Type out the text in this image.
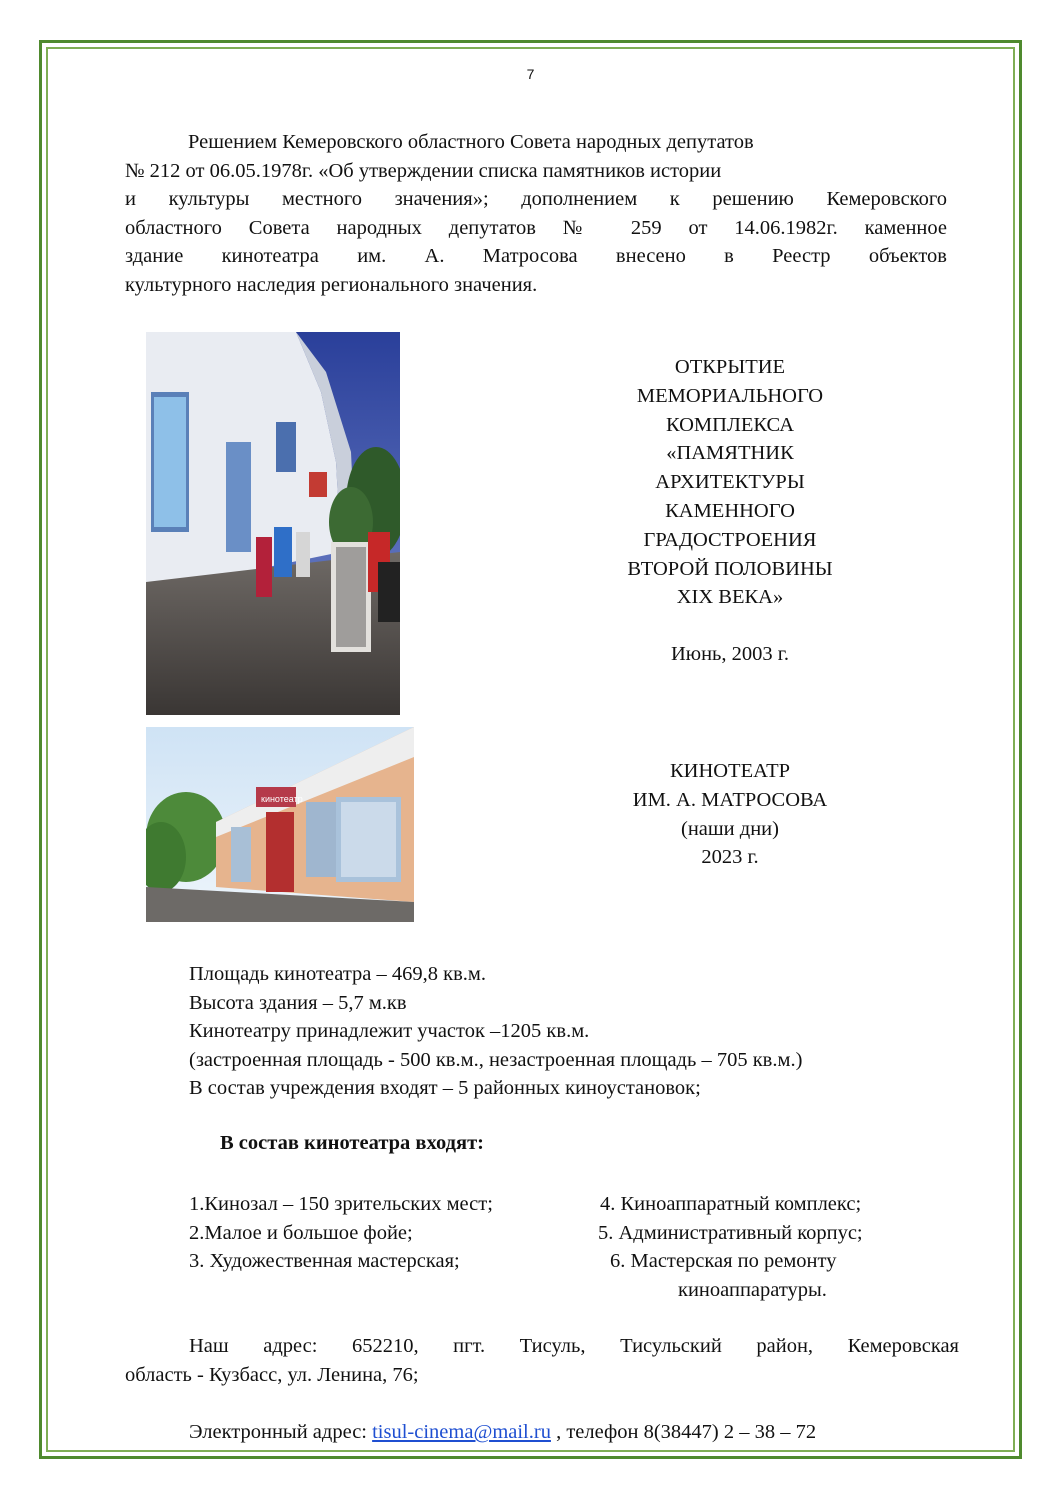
7
Решением Кемеровского областного Совета народных депутатов
№ 212 от 06.05.1978г. «Об утверждении списка памятников истории
и культуры местного значения»; дополнением к решению Кемеровского
областного Совета народных депутатов № 259 от 14.06.1982г. каменное
здание кинотеатра им. А. Матросова внесено в Реестр объектов
культурного наследия регионального значения.
ОТКРЫТИЕ
МЕМОРИАЛЬНОГО
КОМПЛЕКСА
«ПАМЯТНИК
АРХИТЕКТУРЫ
КАМЕННОГО
ГРАДОСТРОЕНИЯ
ВТОРОЙ ПОЛОВИНЫ
XIX ВЕКА»
Июнь, 2003 г.
кинотеатр
КИНОТЕАТР
ИМ. А. МАТРОСОВА
(наши дни)
2023 г.
Площадь кинотеатра – 469,8 кв.м.
Высота здания – 5,7 м.кв
Кинотеатру принадлежит участок –1205 кв.м.
(застроенная площадь - 500 кв.м., незастроенная площадь – 705 кв.м.)
В состав учреждения входят – 5 районных киноустановок;
В состав кинотеатра входят:
1.Кинозал – 150 зрительских мест;
2.Малое и большое фойе;
3. Художественная мастерская;
4. Киноаппаратный комплекс;
5. Административный корпус;
6. Мастерская по ремонту
киноаппаратуры.
Наш адрес: 652210, пгт. Тисуль, Тисульский район, Кемеровская
область - Кузбасс, ул. Ленина, 76;
Электронный адрес: tisul-cinema@mail.ru , телефон 8(38447) 2 – 38 – 72
